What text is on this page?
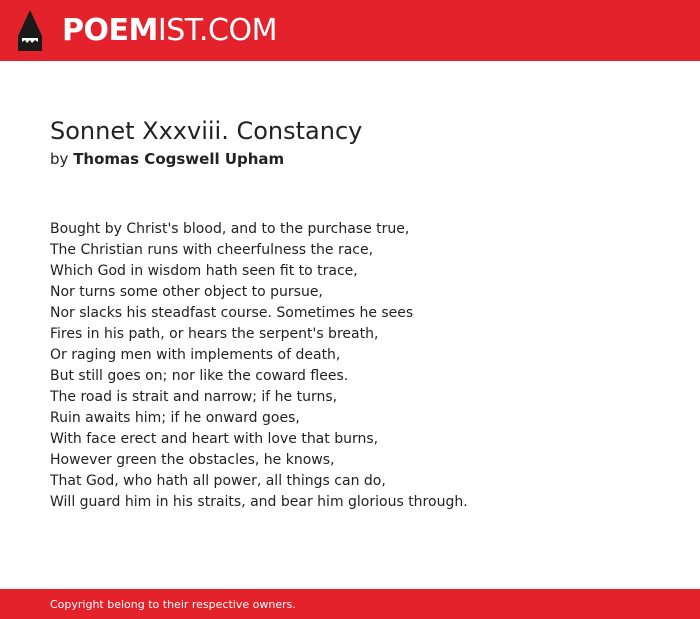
POEMIST.COM
Sonnet Xxxviii. Constancy
by Thomas Cogswell Upham
Bought by Christ's blood, and to the purchase true,
The Christian runs with cheerfulness the race,
Which God in wisdom hath seen fit to trace,
Nor turns some other object to pursue,
Nor slacks his steadfast course. Sometimes he sees
Fires in his path, or hears the serpent's breath,
Or raging men with implements of death,
But still goes on; nor like the coward flees.
The road is strait and narrow; if he turns,
Ruin awaits him; if he onward goes,
With face erect and heart with love that burns,
However green the obstacles, he knows,
That God, who hath all power, all things can do,
Will guard him in his straits, and bear him glorious through.
Copyright belong to their respective owners.
